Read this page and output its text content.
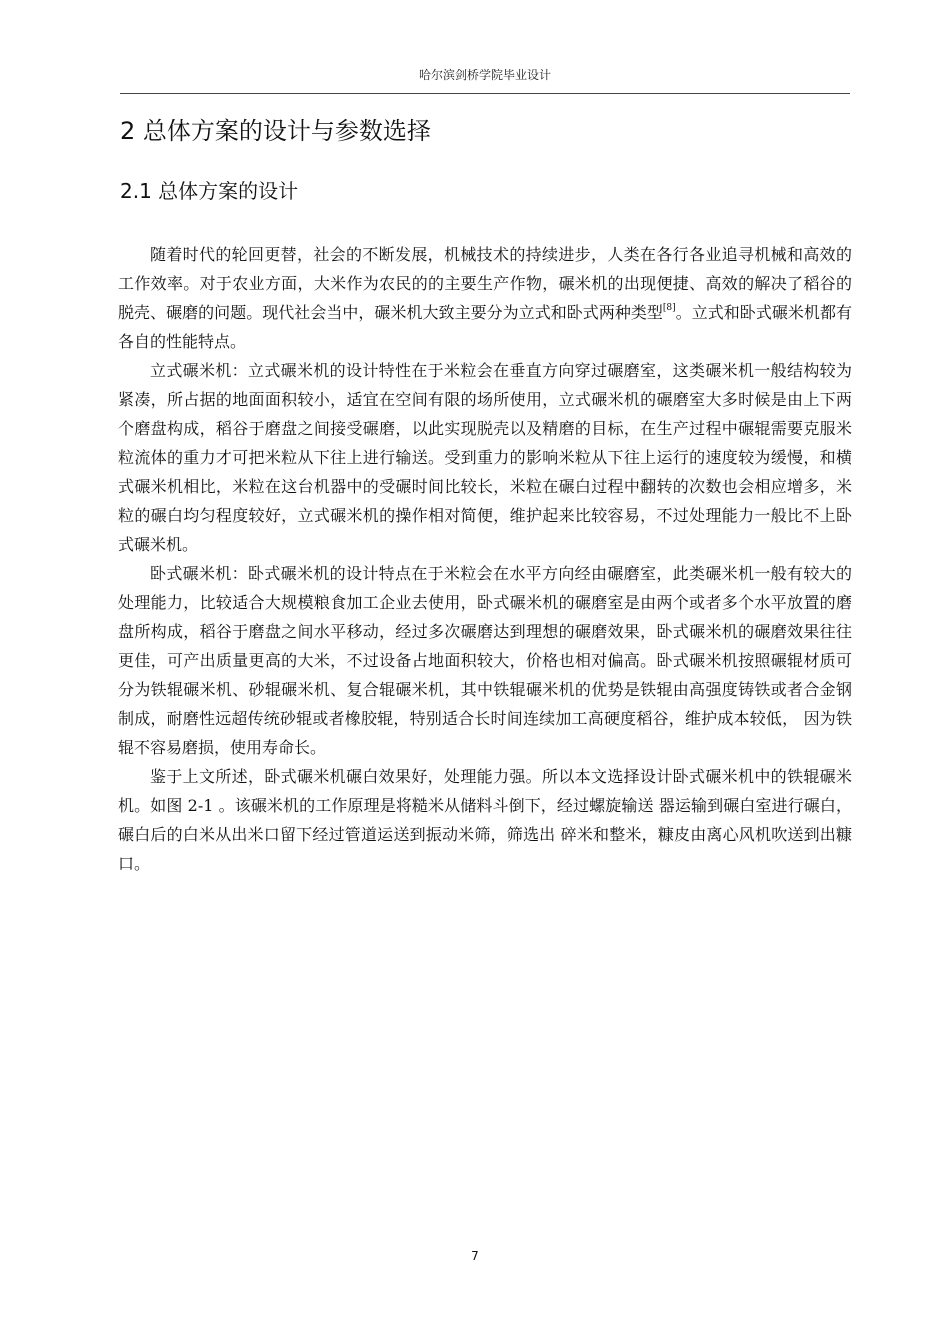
哈尔滨剑桥学院毕业设计
2 总体方案的设计与参数选择
2.1 总体方案的设计

随着时代的轮回更替，社会的不断发展，机械技术的持续进步，人类在各行各业追寻机械和高效的工作效率。对于农业方面，大米作为农民的的主要生产作物，碾米机的出现便捷、高效的解决了稻谷的脱壳、碾磨的问题。现代社会当中，碾米机大致主要分为立式和卧式两种类型[8]。立式和卧式碾米机都有各自的性能特点。

立式碾米机：立式碾米机的设计特性在于米粒会在垂直方向穿过碾磨室，这类碾米机一般结构较为紧凑，所占据的地面面积较小，适宜在空间有限的场所使用，立式碾米机的碾磨室大多时候是由上下两个磨盘构成，稻谷于磨盘之间接受碾磨，以此实现脱壳以及精磨的目标，在生产过程中碾辊需要克服米粒流体的重力才可把米粒从下往上进行输送。受到重力的影响米粒从下往上运行的速度较为缓慢，和横式碾米机相比，米粒在这台机器中的受碾时间比较长，米粒在碾白过程中翻转的次数也会相应增多，米粒的碾白均匀程度较好，立式碾米机的操作相对简便，维护起来比较容易，不过处理能力一般比不上卧式碾米机。

卧式碾米机：卧式碾米机的设计特点在于米粒会在水平方向经由碾磨室，此类碾米机一般有较大的处理能力，比较适合大规模粮食加工企业去使用，卧式碾米机的碾磨室是由两个或者多个水平放置的磨盘所构成，稻谷于磨盘之间水平移动，经过多次碾磨达到理想的碾磨效果，卧式碾米机的碾磨效果往往更佳，可产出质量更高的大米，不过设备占地面积较大，价格也相对偏高。卧式碾米机按照碾辊材质可分为铁辊碾米机、砂辊碾米机、复合辊碾米机，其中铁辊碾米机的优势是铁辊由高强度铸铁或者合金钢制成，耐磨性远超传统砂辊或者橡胶辊，特别适合长时间连续加工高硬度稻谷，维护成本较低， 因为铁辊不容易磨损，使用寿命长。

鉴于上文所述，卧式碾米机碾白效果好，处理能力强。所以本文选择设计卧式碾米机中的铁辊碾米机。如图 2-1 。该碾米机的工作原理是将糙米从储料斗倒下，经过螺旋输送 器运输到碾白室进行碾白，碾白后的白米从出米口留下经过管道运送到振动米筛，筛选出 碎米和整米，糠皮由离心风机吹送到出糠口。

7
